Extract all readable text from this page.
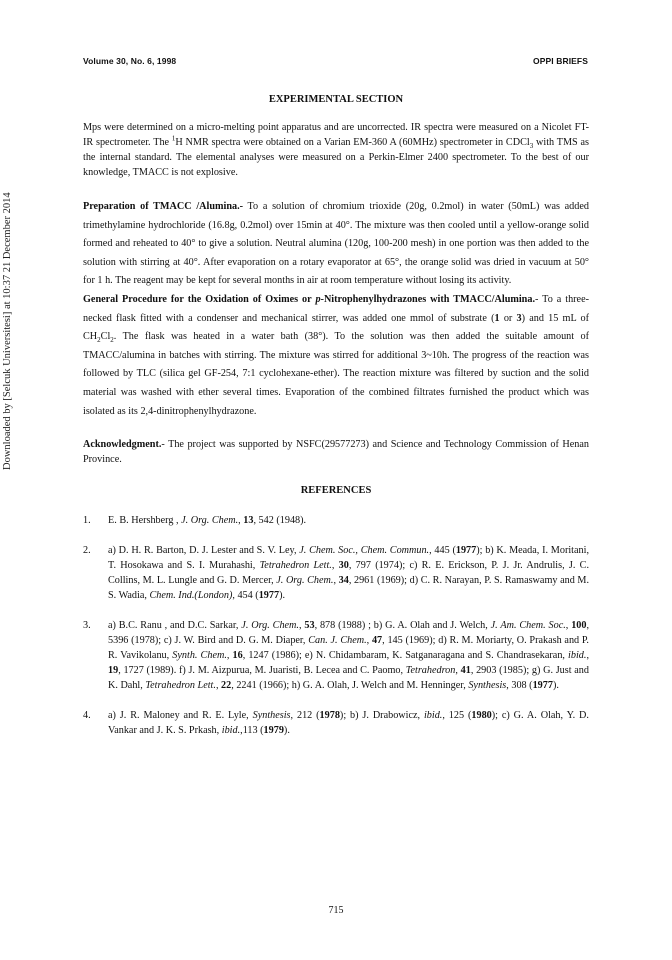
Volume 30, No. 6, 1998	OPPI BRIEFS
Downloaded by [Selcuk Universitesi] at 10:37 21 December 2014
EXPERIMENTAL SECTION

Mps were determined on a micro-melting point apparatus and are uncorrected. IR spectra were measured on a Nicolet FT-IR spectrometer. The $^1$H NMR spectra were obtained on a Varian EM-360 A (60MHz) spectrometer in CDCl$_3$ with TMS as the internal standard. The elemental analyses were measured on a Perkin-Elmer 2400 spectrometer. To the best of our knowledge, TMACC is not explosive.

Preparation of TMACC /Alumina.- To a solution of chromium trioxide (20g, 0.2mol) in water (50mL) was added trimethylamine hydrochloride (16.8g, 0.2mol) over 15min at 40°. The mixture was then cooled until a yellow-orange solid formed and reheated to 40° to give a solution. Neutral alumina (120g, 100-200 mesh) in one portion was then added to the solution with stirring at 40°. After evaporation on a rotary evaporator at 65°, the orange solid was dried in vacuum at 50° for 1 h. The reagent may be kept for several months in air at room temperature without losing its activity.

General Procedure for the Oxidation of Oximes or p-Nitrophenylhydrazones with TMACC/Alumina.- To a three-necked flask fitted with a condenser and mechanical stirrer, was added one mmol of substrate (1 or 3) and 15 mL of $CH_2Cl_2$. The flask was heated in a water bath (38°). To the solution was then added the suitable amount of TMACC/alumina in batches with stirring. The mixture was stirred for additional 3~10h. The progress of the reaction was followed by TLC (silica gel GF-254, 7:1 cyclohexane-ether). The reaction mixture was filtered by suction and the solid material was washed with ether several times. Evaporation of the combined filtrates furnished the product which was isolated as its 2,4-dinitrophenylhydrazone.

Acknowledgment.- The project was supported by NSFC(29577273) and Science and Technology Commission of Henan Province.

REFERENCES
1. E. B. Hershberg , J. Org. Chem., 13, 542 (1948).
2. a) D. H. R. Barton, D. J. Lester and S. V. Ley, J. Chem. Soc., Chem. Commun., 445 (1977); b) K. Meada, I. Moritani, T. Hosokawa and S. I. Murahashi, Tetrahedron Lett., 30, 797 (1974); c) R. E. Erickson, P. J. Jr. Andrulis, J. C. Collins, M. L. Lungle and G. D. Mercer, J. Org. Chem., 34, 2961 (1969); d) C. R. Narayan, P. S. Ramaswamy and M. S. Wadia, Chem. Ind.(London), 454 (1977).
3. a) B.C. Ranu , and D.C. Sarkar, J. Org. Chem., 53, 878 (1988) ; b) G. A. Olah and J. Welch, J. Am. Chem. Soc., 100, 5396 (1978); c) J. W. Bird and D. G. M. Diaper, Can. J. Chem., 47, 145 (1969); d) R. M. Moriarty, O. Prakash and P. R. Vavikolanu, Synth. Chem., 16, 1247 (1986); e) N. Chidambaram, K. Satganaragana and S. Chandrasekaran, ibid., 19, 1727 (1989). f) J. M. Aizpurua, M. Juaristi, B. Lecea and C. Paomo, Tetrahedron, 41, 2903 (1985); g) G. Just and K. Dahl, Tetrahedron Lett., 22, 2241 (1966); h) G. A. Olah, J. Welch and M. Henninger, Synthesis, 308 (1977).
4. a) J. R. Maloney and R. E. Lyle, Synthesis, 212 (1978); b) J. Drabowicz, ibid., 125 (1980); c) G. A. Olah, Y. D. Vankar and J. K. S. Prkash, ibid.,113 (1979).
715
